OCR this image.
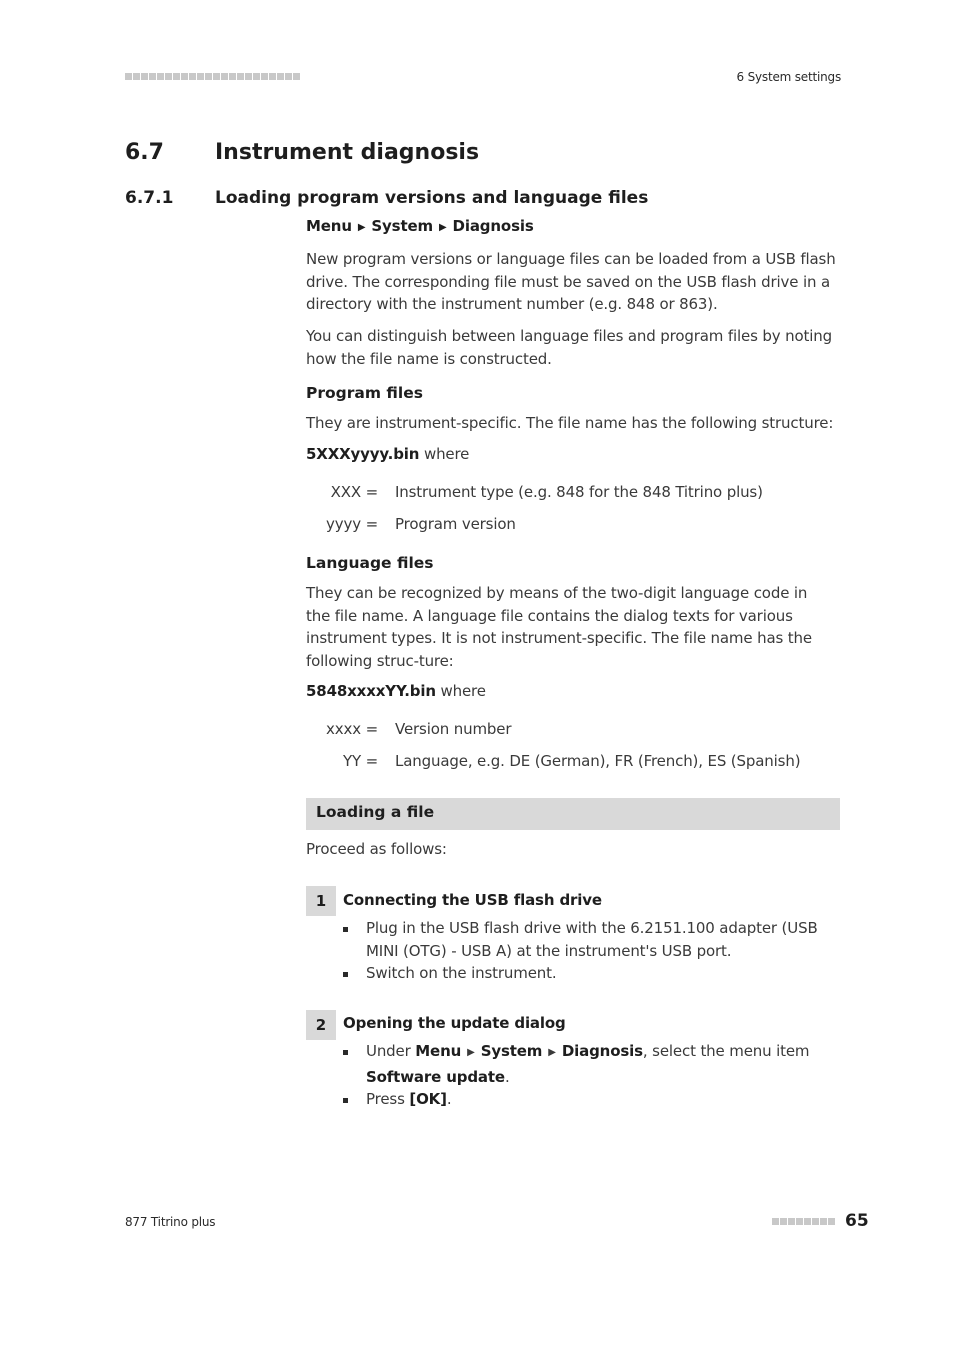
6 System settings
6.7 Instrument diagnosis
6.7.1 Loading program versions and language files
Menu ▶ System ▶ Diagnosis
New program versions or language files can be loaded from a USB flash drive. The corresponding file must be saved on the USB flash drive in a directory with the instrument number (e.g. 848 or 863).
You can distinguish between language files and program files by noting how the file name is constructed.
Program files
They are instrument-specific. The file name has the following structure:
5XXXyyyy.bin where
XXX = Instrument type (e.g. 848 for the 848 Titrino plus)
yyyy = Program version
Language files
They can be recognized by means of the two-digit language code in the file name. A language file contains the dialog texts for various instrument types. It is not instrument-specific. The file name has the following struc-ture:
5848xxxxYY.bin where
xxxx = Version number
YY = Language, e.g. DE (German), FR (French), ES (Spanish)
Loading a file
Proceed as follows:
1	Connecting the USB flash drive
Plug in the USB flash drive with the 6.2151.100 adapter (USB MINI (OTG) - USB A) at the instrument's USB port.
Switch on the instrument.
2	Opening the update dialog
Under Menu ▶ System ▶ Diagnosis, select the menu item Software update.
Press [OK].
877 Titrino plus	65
